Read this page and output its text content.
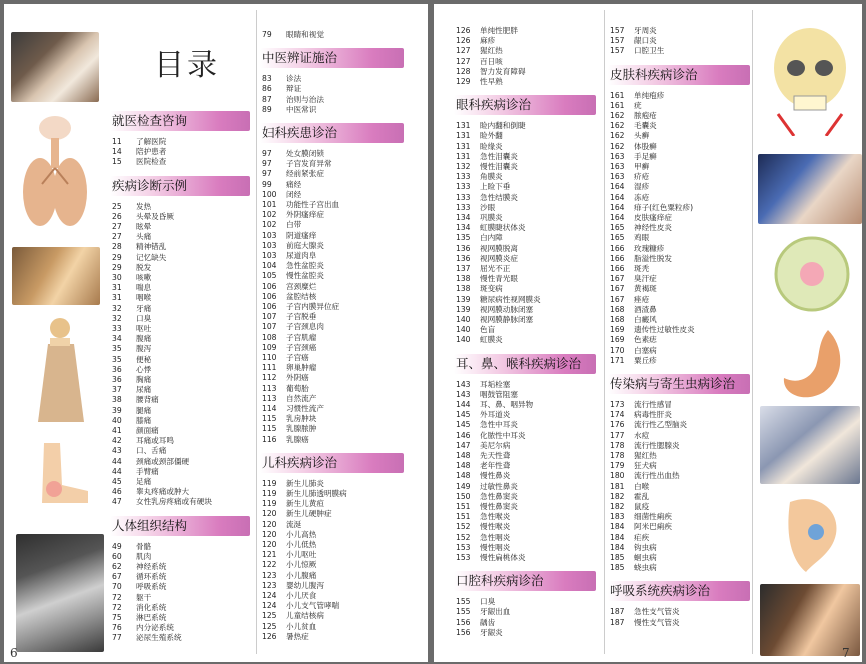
目录
6
就医检查咨询
11 了解医院
14 陪护患者
15 医院检查
疾病诊断示例
25 发热
26 头晕及昏厥
27 眩晕
27 头痛
28 精神错乱
29 记忆缺失
29 脱发
30 咳嗽
31 喘息
31 咽喉
32 牙痛
32 口臭
33 呕吐
34 腹痛
35 腹泻
35 便秘
36 心悸
36 胸痛
37 尿痛
38 腰背痛
39 腿痛
40 膝痛
41 颜面痛
42 耳痛或耳鸣
43 口、舌痛
44 颈痛或颈部僵硬
44 手臂痛
45 足痛
46 睾丸疼痛或肿大
47 女性乳房疼痛或有硬块
人体组织结构
49 骨骼
60 肌肉
62 神经系统
67 循环系统
70 呼吸系统
72 躯干
72 消化系统
75 淋巴系统
76 内分泌系统
77 泌尿生殖系统
79 眼睛和视觉
中医辨证施治
83 诊法
86 辩证
87 治则与治法
89 中医常识
妇科疾患诊治
97 处女膜闭锁
97 子宫发育异常
97 经前紧张症
99 痛经
100 闭经
101 功能性子宫出血
102 外阴瘙痒症
102 白带
103 阴道瘙痒
103 前庭大腺炎
103 尿道肉阜
104 急性盆腔炎
105 慢性盆腔炎
106 宫颈糜烂
106 盆腔结核
106 子宫内膜异位症
107 子宫脱垂
107 子宫颈息肉
108 子宫肌瘤
109 子宫颈癌
110 子宫癌
111 卵巢肿瘤
112 外阴癌
113 葡萄胎
113 自然流产
114 习惯性流产
115 乳房肿块
115 乳腺脓肿
116 乳腺癌
儿科疾病诊治
119 新生儿肺炎
119 新生儿肺透明膜病
119 新生儿黄疸
120 新生儿硬肿症
120 流涎
120 小儿高热
120 小儿低热
121 小儿呕吐
122 小儿惊厥
123 小儿腹痛
123 婴幼儿腹泻
124 小儿厌食
124 小儿支气管哮喘
125 儿童结核病
125 小儿贫血
126 暑热症
7
126 单纯性肥胖
126 麻疹
127 猩红热
127 百日咳
128 智力发育障碍
129 性早熟
眼科疾病诊治
131 睑内翻和倒睫
131 睑外翻
131 睑缘炎
131 急性泪囊炎
132 慢性泪囊炎
133 角膜炎
133 上睑下垂
133 急性结膜炎
133 沙眼
134 巩膜炎
134 虹膜睫状体炎
135 白内障
136 视网膜脱离
136 视网膜炎症
137 屈光不正
138 慢性青光眼
138 斑变病
139 糖尿病性视网膜炎
139 视网膜动脉闭塞
140 视网膜静脉闭塞
140 色盲
140 虹膜炎
耳、鼻、喉科疾病诊治
143 耳垢栓塞
143 咽鼓管阻塞
144 耳、鼻、咽异物
145 外耳道炎
145 急性中耳炎
146 化脓性中耳炎
147 美尼尔病
148 先天性聋
148 老年性聋
148 慢性鼻炎
149 过敏性鼻炎
150 急性鼻窦炎
151 慢性鼻窦炎
151 急性喉炎
152 慢性喉炎
152 急性咽炎
153 慢性咽炎
153 慢性扁桃体炎
口腔科疾病诊治
155 口臭
155 牙龈出血
156 龋齿
156 牙龈炎
157 牙周炎
157 龈口炎
157 口腔卫生
皮肤科疾病诊治
161 单纯疱疹
161 疣
162 脓疱疮
162 毛囊炎
162 头癣
162 体股癣
163 手足癣
163 甲癣
163 疥疮
164 湿疹
164 冻疮
164 痱子(红色粟粒疹)
164 皮肤瘙痒症
165 神经性皮炎
165 鸡眼
166 玫瑰糠疹
166 脂溢性脱发
166 斑秃
167 臭汗症
167 黄褐斑
167 痤疮
168 酒渣鼻
168 白癜风
169 遗传性过敏性皮炎
169 色素痣
170 白塞病
171 粟丘疹
传染病与寄生虫病诊治
173 流行性感冒
174 病毒性肝炎
176 流行性乙型脑炎
177 水痘
178 流行性腮腺炎
178 猩红热
179 狂犬病
180 流行性出血热
181 白喉
182 霍乱
182 鼠疫
183 细菌性痢疾
184 阿米巴痢疾
184 疟疾
184 钩虫病
185 蛔虫病
185 蛲虫病
呼吸系统疾病诊治
187 急性支气管炎
187 慢性支气管炎
